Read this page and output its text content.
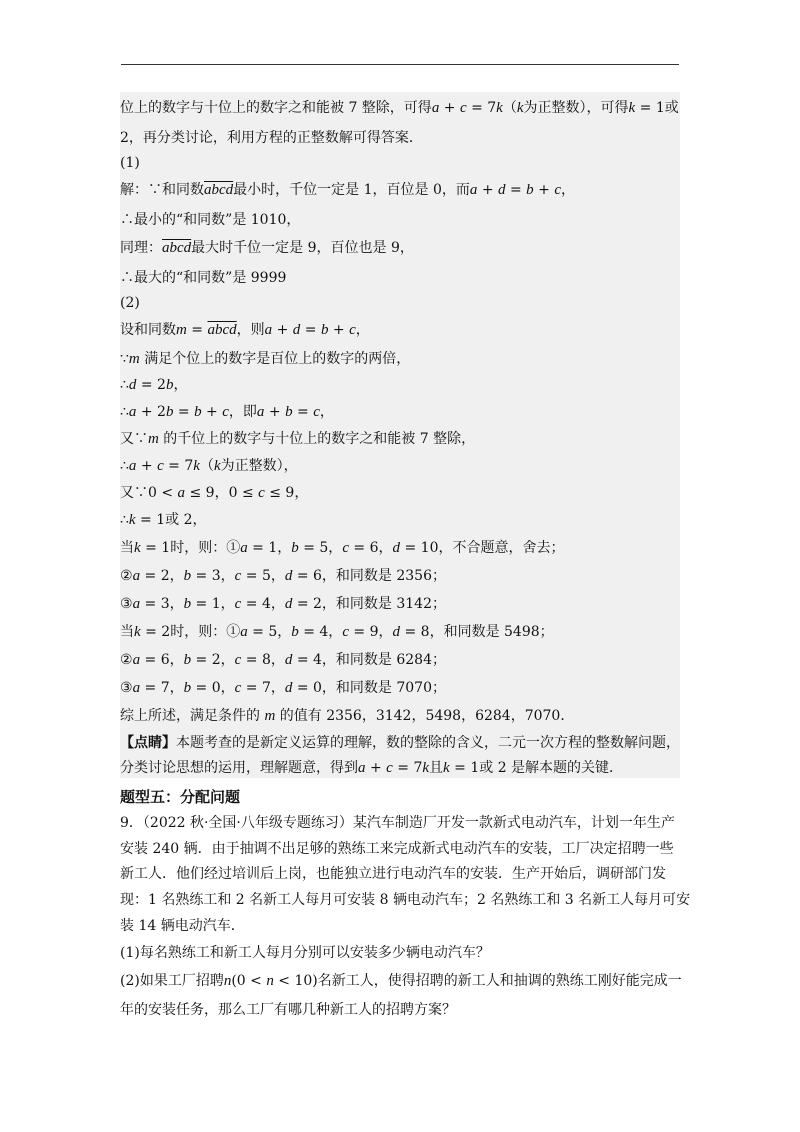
位上的数字与十位上的数字之和能被 7 整除，可得a + c = 7k（k为正整数），可得k = 1或
2，再分类讨论，利用方程的正整数解可得答案．
(1)
解：∵和同数abcd最小时，千位一定是 1，百位是 0，而a + d = b + c，
∴最小的“和同数”是 1010，
同理：abcd最大时千位一定是 9，百位也是 9，
∴最大的“和同数”是 9999
(2)
设和同数m = abcd，则a + d = b + c，
∵m 满足个位上的数字是百位上的数字的两倍，
∴d = 2b，
∴a + 2b = b + c，即a + b = c，
又∵m 的千位上的数字与十位上的数字之和能被 7 整除，
∴a + c = 7k（k为正整数），
又∵0 < a ≤ 9，0 ≤ c ≤ 9，
∴k = 1或 2，
当k = 1时，则：①a = 1，b = 5，c = 6，d = 10，不合题意，舍去；
②a = 2，b = 3，c = 5，d = 6，和同数是 2356；
③a = 3，b = 1，c = 4，d = 2，和同数是 3142；
当k = 2时，则：①a = 5，b = 4，c = 9，d = 8，和同数是 5498；
②a = 6，b = 2，c = 8，d = 4，和同数是 6284；
③a = 7，b = 0，c = 7，d = 0，和同数是 7070；
综上所述，满足条件的 m 的值有 2356，3142，5498，6284，7070．
【点睛】本题考查的是新定义运算的理解，数的整除的含义，二元一次方程的整数解问题，
分类讨论思想的运用，理解题意，得到a + c = 7k且k = 1或 2 是解本题的关键．
题型五：分配问题
9．（2022 秋·全国·八年级专题练习）某汽车制造厂开发一款新式电动汽车，计划一年生产
安装 240 辆．由于抽调不出足够的熟练工来完成新式电动汽车的安装，工厂决定招聘一些
新工人．他们经过培训后上岗，也能独立进行电动汽车的安装．生产开始后，调研部门发
现：1 名熟练工和 2 名新工人每月可安装 8 辆电动汽车；2 名熟练工和 3 名新工人每月可安
装 14 辆电动汽车．
(1)每名熟练工和新工人每月分别可以安装多少辆电动汽车？
(2)如果工厂招聘n(0 < n < 10)名新工人，使得招聘的新工人和抽调的熟练工刚好能完成一
年的安装任务，那么工厂有哪几种新工人的招聘方案？
